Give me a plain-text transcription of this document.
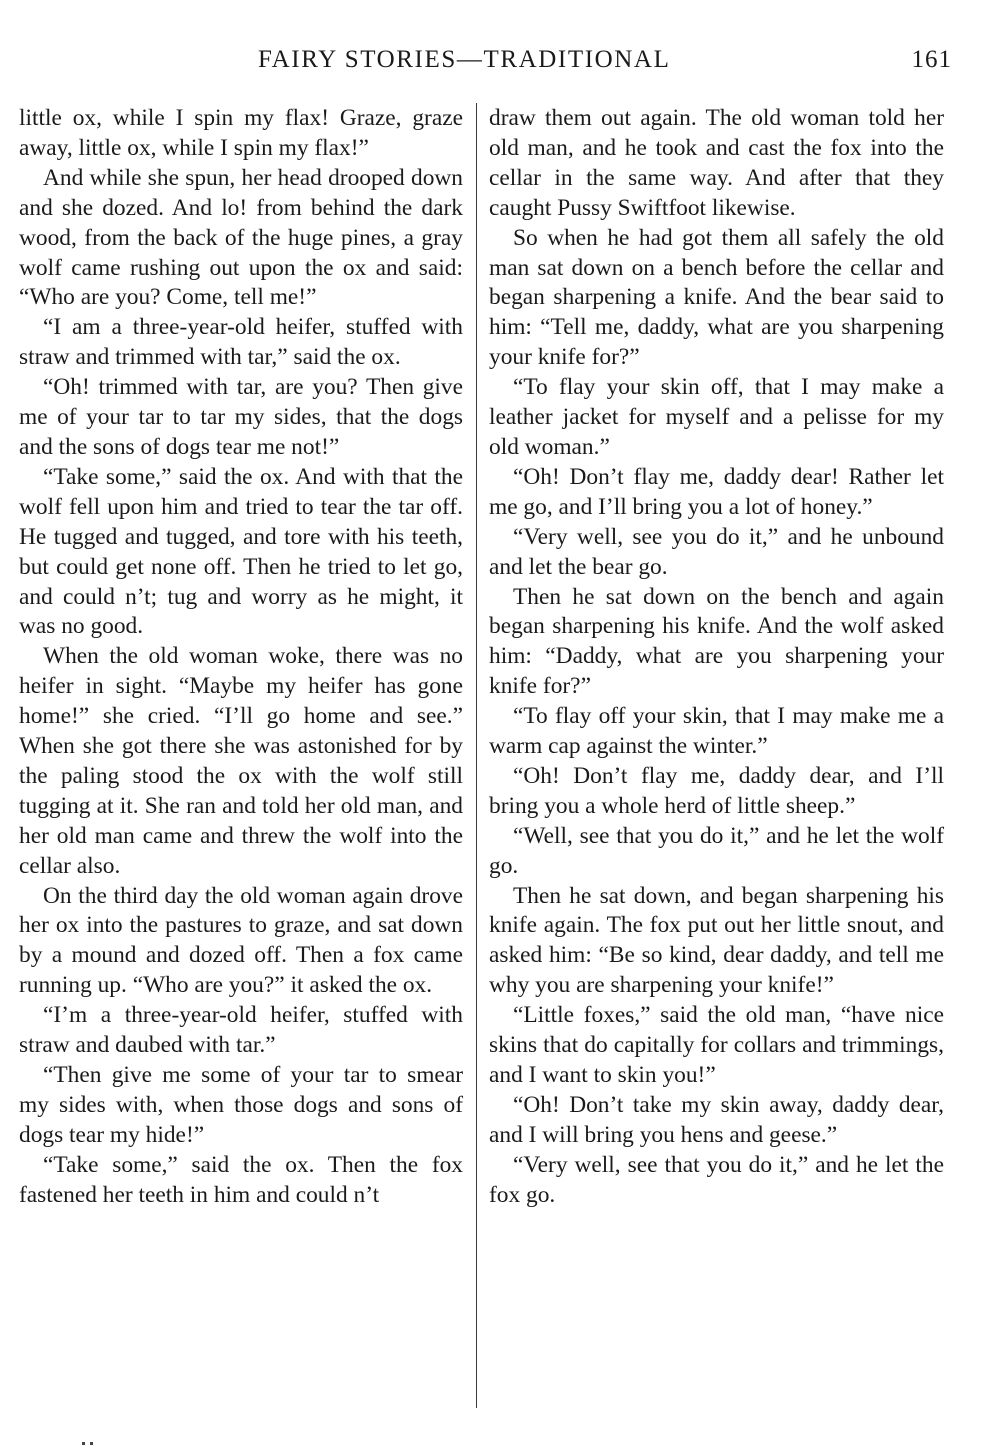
FAIRY STORIES—TRADITIONAL	161

little ox, while I spin my flax! Graze, graze away, little ox, while I spin my flax!”

And while she spun, her head drooped down and she dozed. And lo! from behind the dark wood, from the back of the huge pines, a gray wolf came rushing out upon the ox and said: “Who are you? Come, tell me!”

“I am a three-year-old heifer, stuffed with straw and trimmed with tar,” said the ox.

“Oh! trimmed with tar, are you? Then give me of your tar to tar my sides, that the dogs and the sons of dogs tear me not!”

“Take some,” said the ox. And with that the wolf fell upon him and tried to tear the tar off. He tugged and tugged, and tore with his teeth, but could get none off. Then he tried to let go, and could n’t; tug and worry as he might, it was no good.

When the old woman woke, there was no heifer in sight. “Maybe my heifer has gone home!” she cried. “I’ll go home and see.” When she got there she was astonished for by the paling stood the ox with the wolf still tugging at it. She ran and told her old man, and her old man came and threw the wolf into the cellar also.

On the third day the old woman again drove her ox into the pastures to graze, and sat down by a mound and dozed off. Then a fox came running up. “Who are you?” it asked the ox.

“I’m a three-year-old heifer, stuffed with straw and daubed with tar.”

“Then give me some of your tar to smear my sides with, when those dogs and sons of dogs tear my hide!”

“Take some,” said the ox. Then the fox fastened her teeth in him and could n’t

draw them out again. The old woman told her old man, and he took and cast the fox into the cellar in the same way. And after that they caught Pussy Swiftfoot likewise.

So when he had got them all safely the old man sat down on a bench before the cellar and began sharpening a knife. And the bear said to him: “Tell me, daddy, what are you sharpening your knife for?”

“To flay your skin off, that I may make a leather jacket for myself and a pelisse for my old woman.”

“Oh! Don’t flay me, daddy dear! Rather let me go, and I’ll bring you a lot of honey.”

“Very well, see you do it,” and he unbound and let the bear go.

Then he sat down on the bench and again began sharpening his knife. And the wolf asked him: “Daddy, what are you sharpening your knife for?”

“To flay off your skin, that I may make me a warm cap against the winter.”

“Oh! Don’t flay me, daddy dear, and I’ll bring you a whole herd of little sheep.”

“Well, see that you do it,” and he let the wolf go.

Then he sat down, and began sharpening his knife again. The fox put out her little snout, and asked him: “Be so kind, dear daddy, and tell me why you are sharpening your knife!”

“Little foxes,” said the old man, “have nice skins that do capitally for collars and trimmings, and I want to skin you!”

“Oh! Don’t take my skin away, daddy dear, and I will bring you hens and geese.”

“Very well, see that you do it,” and he let the fox go.
